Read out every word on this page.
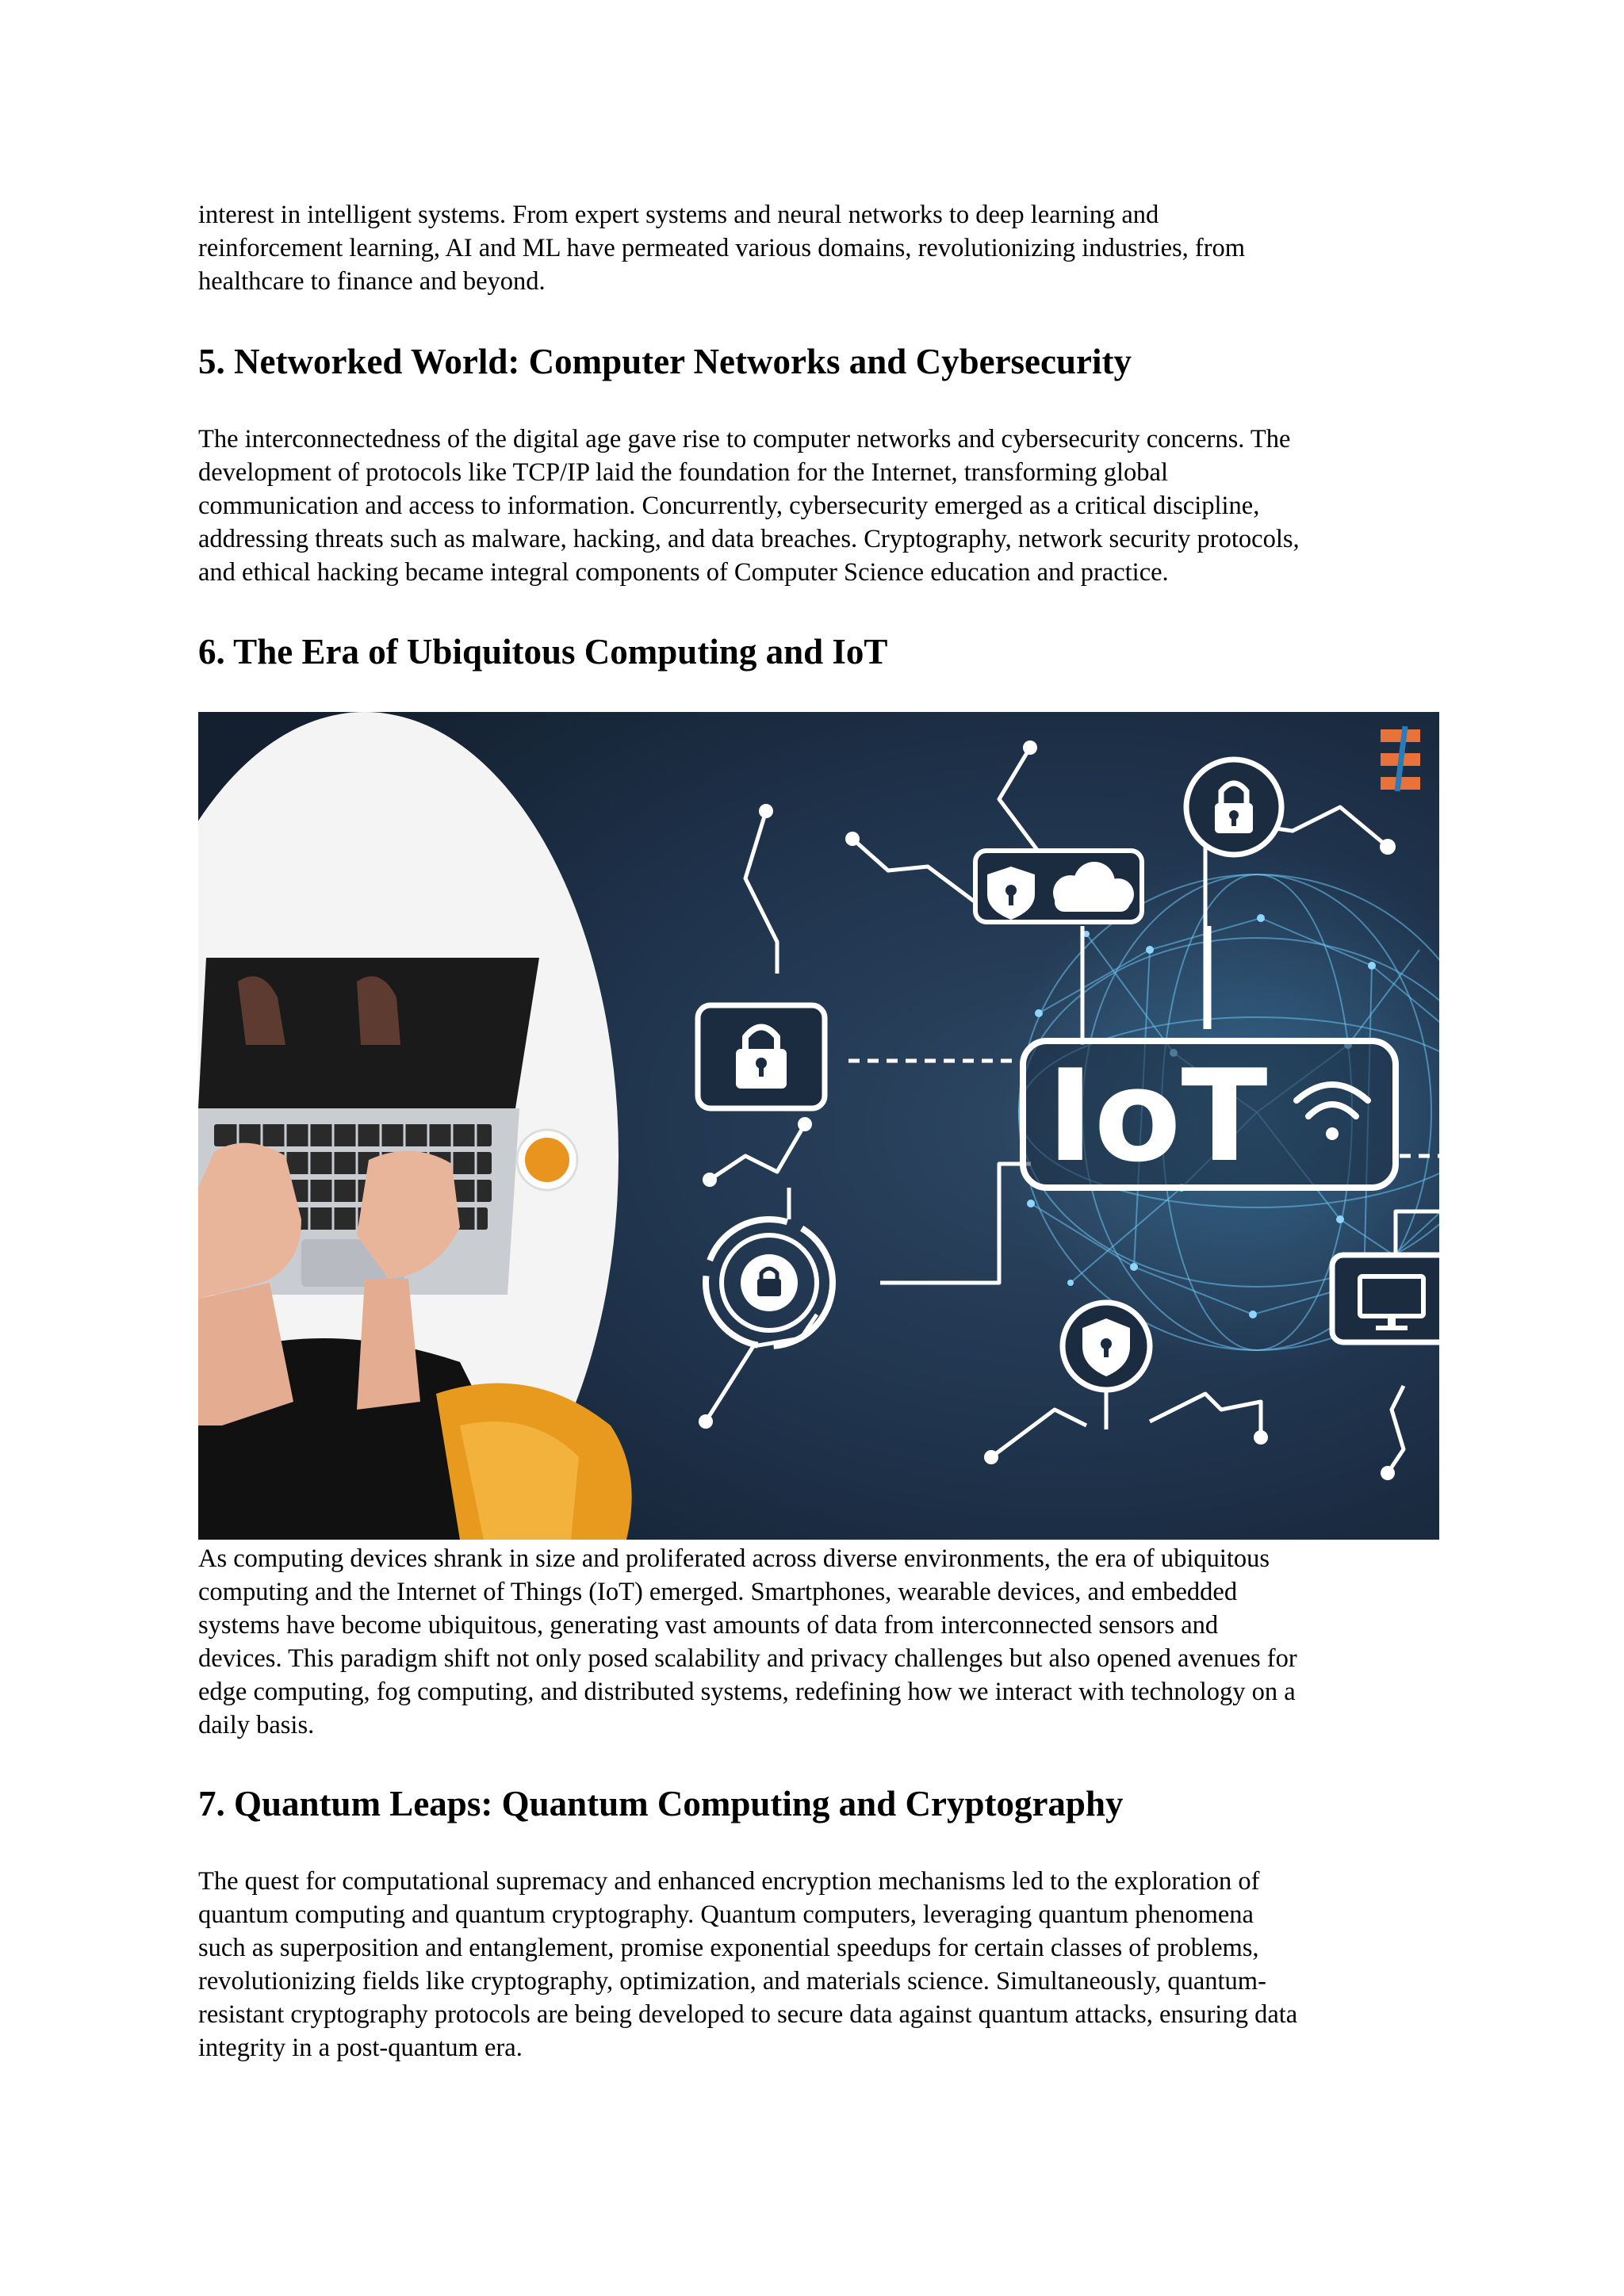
interest in intelligent systems. From expert systems and neural networks to deep learning and
reinforcement learning, AI and ML have permeated various domains, revolutionizing industries, from
healthcare to finance and beyond.
5. Networked World: Computer Networks and Cybersecurity
The interconnectedness of the digital age gave rise to computer networks and cybersecurity concerns. The
development of protocols like TCP/IP laid the foundation for the Internet, transforming global
communication and access to information. Concurrently, cybersecurity emerged as a critical discipline,
addressing threats such as malware, hacking, and data breaches. Cryptography, network security protocols,
and ethical hacking became integral components of Computer Science education and practice.
6. The Era of Ubiquitous Computing and IoT
IoT
As computing devices shrank in size and proliferated across diverse environments, the era of ubiquitous
computing and the Internet of Things (IoT) emerged. Smartphones, wearable devices, and embedded
systems have become ubiquitous, generating vast amounts of data from interconnected sensors and
devices. This paradigm shift not only posed scalability and privacy challenges but also opened avenues for
edge computing, fog computing, and distributed systems, redefining how we interact with technology on a
daily basis.
7. Quantum Leaps: Quantum Computing and Cryptography
The quest for computational supremacy and enhanced encryption mechanisms led to the exploration of
quantum computing and quantum cryptography. Quantum computers, leveraging quantum phenomena
such as superposition and entanglement, promise exponential speedups for certain classes of problems,
revolutionizing fields like cryptography, optimization, and materials science. Simultaneously, quantum-
resistant cryptography protocols are being developed to secure data against quantum attacks, ensuring data
integrity in a post-quantum era.
